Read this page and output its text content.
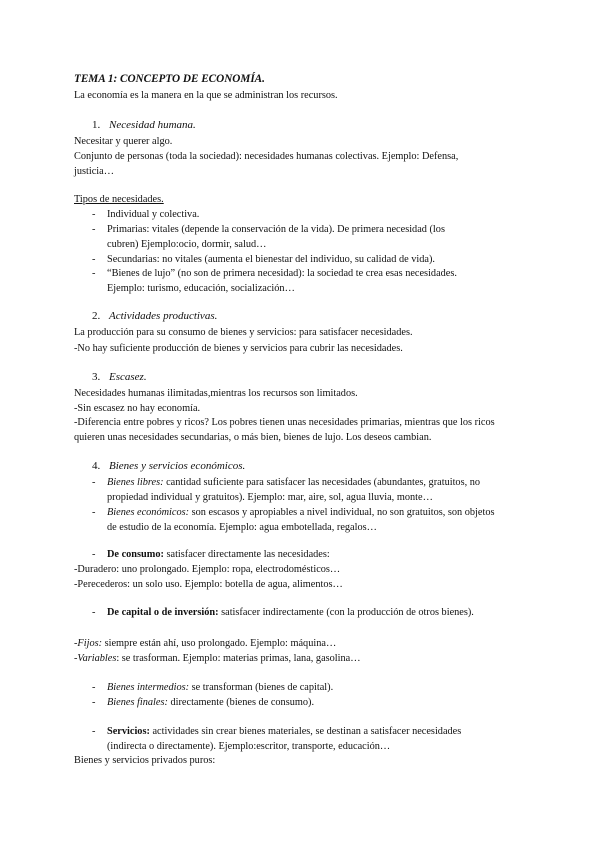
TEMA 1: CONCEPTO DE ECONOMÍA.
La economía es la manera en la que se administran los recursos.
1. Necesidad humana.
Necesitar y querer algo.
Conjunto de personas (toda la sociedad): necesidades humanas colectivas. Ejemplo: Defensa,
justicia…
Tipos de necesidades.
- Individual y colectiva.
- Primarias: vitales (depende la conservación de la vida). De primera necesidad (los
cubren) Ejemplo:ocio, dormir, salud…
- Secundarias: no vitales (aumenta el bienestar del individuo, su calidad de vida).
- “Bienes de lujo” (no son de primera necesidad): la sociedad te crea esas necesidades.
Ejemplo: turismo, educación, socialización…
2. Actividades productivas.
La producción para su consumo de bienes y servicios: para satisfacer necesidades.
-No hay suficiente producción de bienes y servicios para cubrir las necesidades.
3. Escasez.
Necesidades humanas ilimitadas,mientras los recursos son limitados.
-Sin escasez no hay economía.
-Diferencia entre pobres y ricos? Los pobres tienen unas necesidades primarias, mientras que los ricos
quieren unas necesidades secundarias, o más bien, bienes de lujo. Los deseos cambian.
4. Bienes y servicios económicos.
- Bienes libres: cantidad suficiente para satisfacer las necesidades (abundantes, gratuitos, no
propiedad individual y gratuitos). Ejemplo: mar, aire, sol, agua lluvia, monte…
- Bienes económicos: son escasos y apropiables a nivel individual, no son gratuitos, son objetos
de estudio de la economía. Ejemplo: agua embotellada, regalos…
- De consumo: satisfacer directamente las necesidades:
-Duradero: uno prolongado. Ejemplo: ropa, electrodomésticos…
-Perecederos: un solo uso. Ejemplo: botella de agua, alimentos…
- De capital o de inversión: satisfacer indirectamente (con la producción de otros bienes).
-Fijos: siempre están ahí, uso prolongado. Ejemplo: máquina…
-Variables: se trasforman. Ejemplo: materias primas, lana, gasolina…
- Bienes intermedios: se transforman (bienes de capital).
- Bienes finales: directamente (bienes de consumo).
- Servicios: actividades sin crear bienes materiales, se destinan a satisfacer necesidades
(indirecta o directamente). Ejemplo:escritor, transporte, educación…
Bienes y servicios privados puros:
